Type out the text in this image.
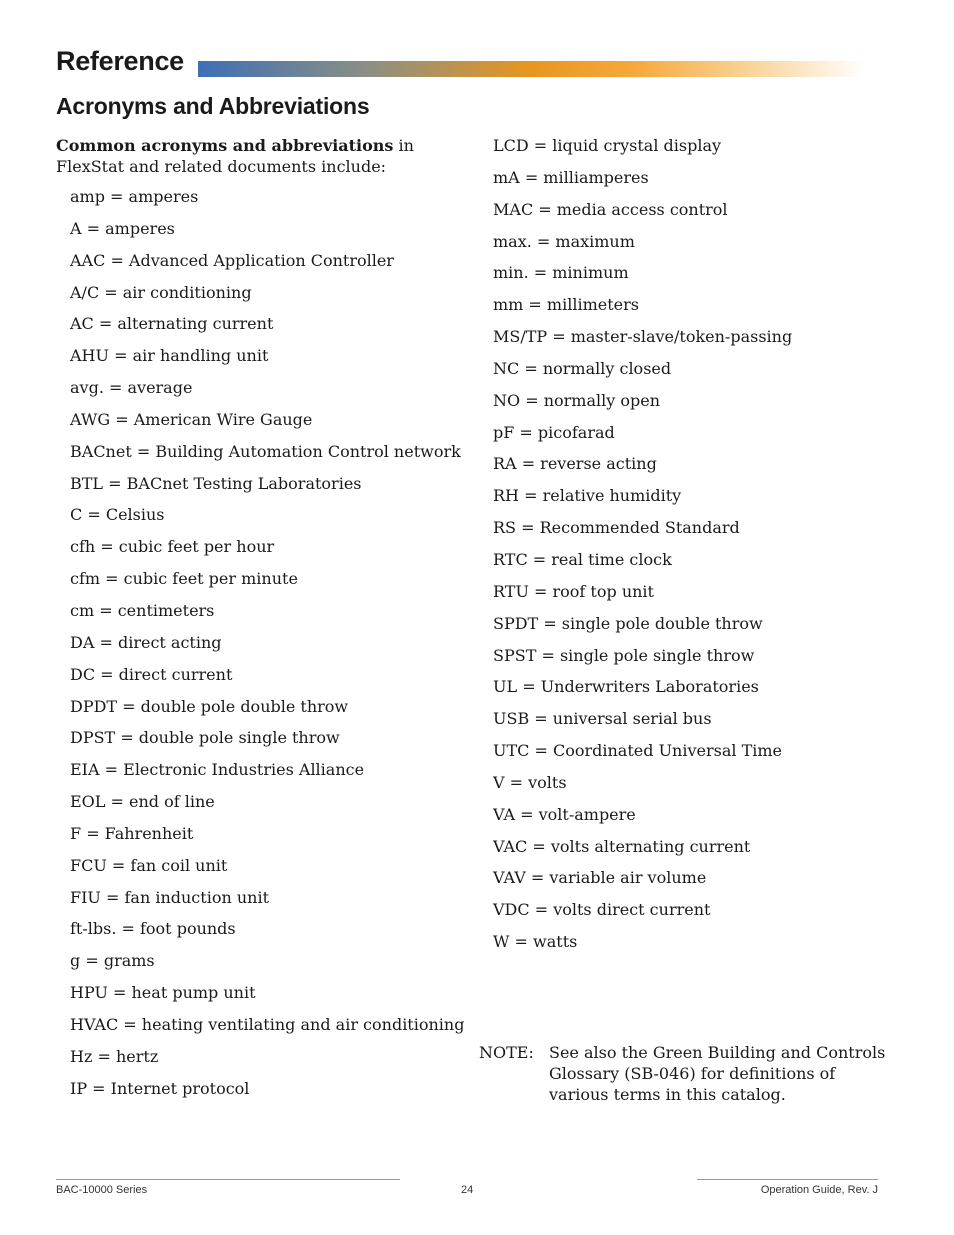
Reference
Acronyms and Abbreviations

Common acronyms and abbreviations in FlexStat and related documents include:

amp = amperes
A = amperes
AAC = Advanced Application Controller
A/C = air conditioning
AC = alternating current
AHU = air handling unit
avg. = average
AWG = American Wire Gauge
BACnet = Building Automation Control network
BTL = BACnet Testing Laboratories
C = Celsius
cfh = cubic feet per hour
cfm = cubic feet per minute
cm = centimeters
DA = direct acting
DC = direct current
DPDT = double pole double throw
DPST = double pole single throw
EIA = Electronic Industries Alliance
EOL = end of line
F = Fahrenheit
FCU = fan coil unit
FIU = fan induction unit
ft-lbs. = foot pounds
g = grams
HPU = heat pump unit
HVAC = heating ventilating and air conditioning
Hz = hertz
IP = Internet protocol
LCD = liquid crystal display
mA = milliamperes
MAC = media access control
max. = maximum
min. = minimum
mm = millimeters
MS/TP = master-slave/token-passing
NC = normally closed
NO = normally open
pF = picofarad
RA = reverse acting
RH = relative humidity
RS = Recommended Standard
RTC = real time clock
RTU = roof top unit
SPDT = single pole double throw
SPST = single pole single throw
UL = Underwriters Laboratories
USB = universal serial bus
UTC = Coordinated Universal Time
V = volts
VA = volt-ampere
VAC = volts alternating current
VAV = variable air volume
VDC = volts direct current
W = watts
NOTE: See also the Green Building and Controls Glossary (SB-046) for definitions of various terms in this catalog.
BAC-10000 Series	24	Operation Guide, Rev. J
